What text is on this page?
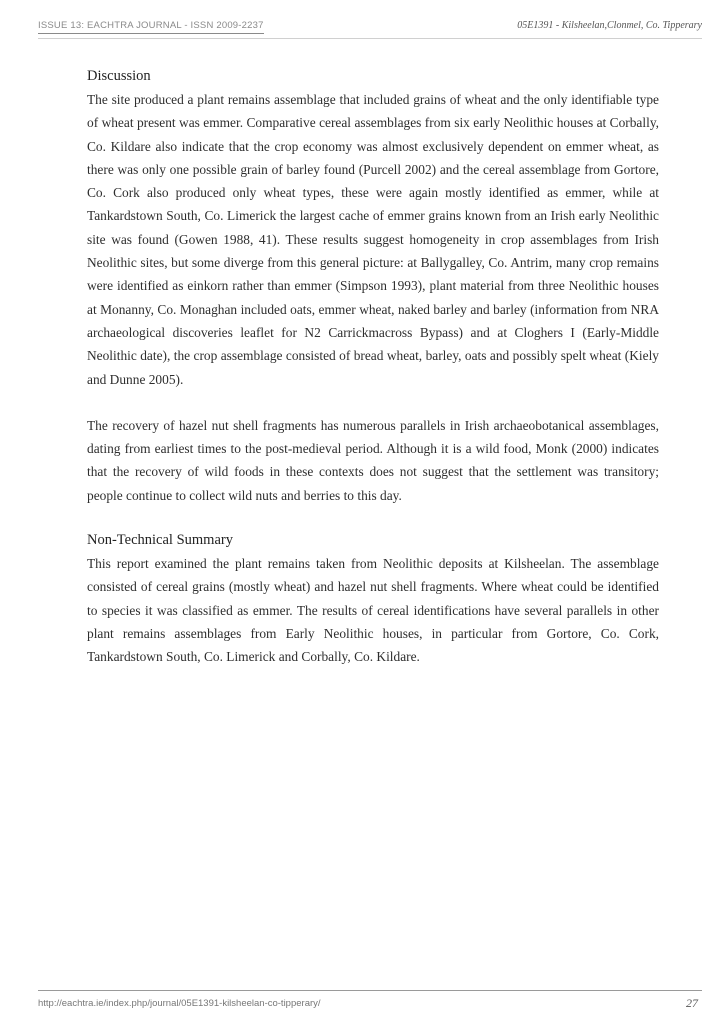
ISSUE 13: EACHTRA JOURNAL - ISSN 2009-2237	05E1391 - Kilsheelan,Clonmel, Co. Tipperary
Discussion

The site produced a plant remains assemblage that included grains of wheat and the only identifiable type of wheat present was emmer. Comparative cereal assemblages from six early Neolithic houses at Corbally, Co. Kildare also indicate that the crop economy was almost exclusively dependent on emmer wheat, as there was only one possible grain of barley found (Purcell 2002) and the cereal assemblage from Gortore, Co. Cork also produced only wheat types, these were again mostly identified as emmer, while at Tankardstown South, Co. Limerick the largest cache of emmer grains known from an Irish early Neolithic site was found (Gowen 1988, 41). These results suggest homogeneity in crop assemblages from Irish Neolithic sites, but some diverge from this general picture: at Ballygalley, Co. Antrim, many crop remains were identified as einkorn rather than emmer (Simpson 1993), plant material from three Neolithic houses at Monanny, Co. Monaghan included oats, emmer wheat, naked barley and barley (information from NRA archaeological discoveries leaflet for N2 Carrickmacross Bypass) and at Cloghers I (Early-Middle Neolithic date), the crop assemblage consisted of bread wheat, barley, oats and possibly spelt wheat (Kiely and Dunne 2005).

The recovery of hazel nut shell fragments has numerous parallels in Irish archaeobotanical assemblages, dating from earliest times to the post-medieval period. Although it is a wild food, Monk (2000) indicates that the recovery of wild foods in these contexts does not suggest that the settlement was transitory; people continue to collect wild nuts and berries to this day.

Non-Technical Summary

This report examined the plant remains taken from Neolithic deposits at Kilsheelan. The assemblage consisted of cereal grains (mostly wheat) and hazel nut shell fragments. Where wheat could be identified to species it was classified as emmer. The results of cereal identifications have several parallels in other plant remains assemblages from Early Neolithic houses, in particular from Gortore, Co. Cork, Tankardstown South, Co. Limerick and Corbally, Co. Kildare.

http://eachtra.ie/index.php/journal/05E1391-kilsheelan-co-tipperary/	27
